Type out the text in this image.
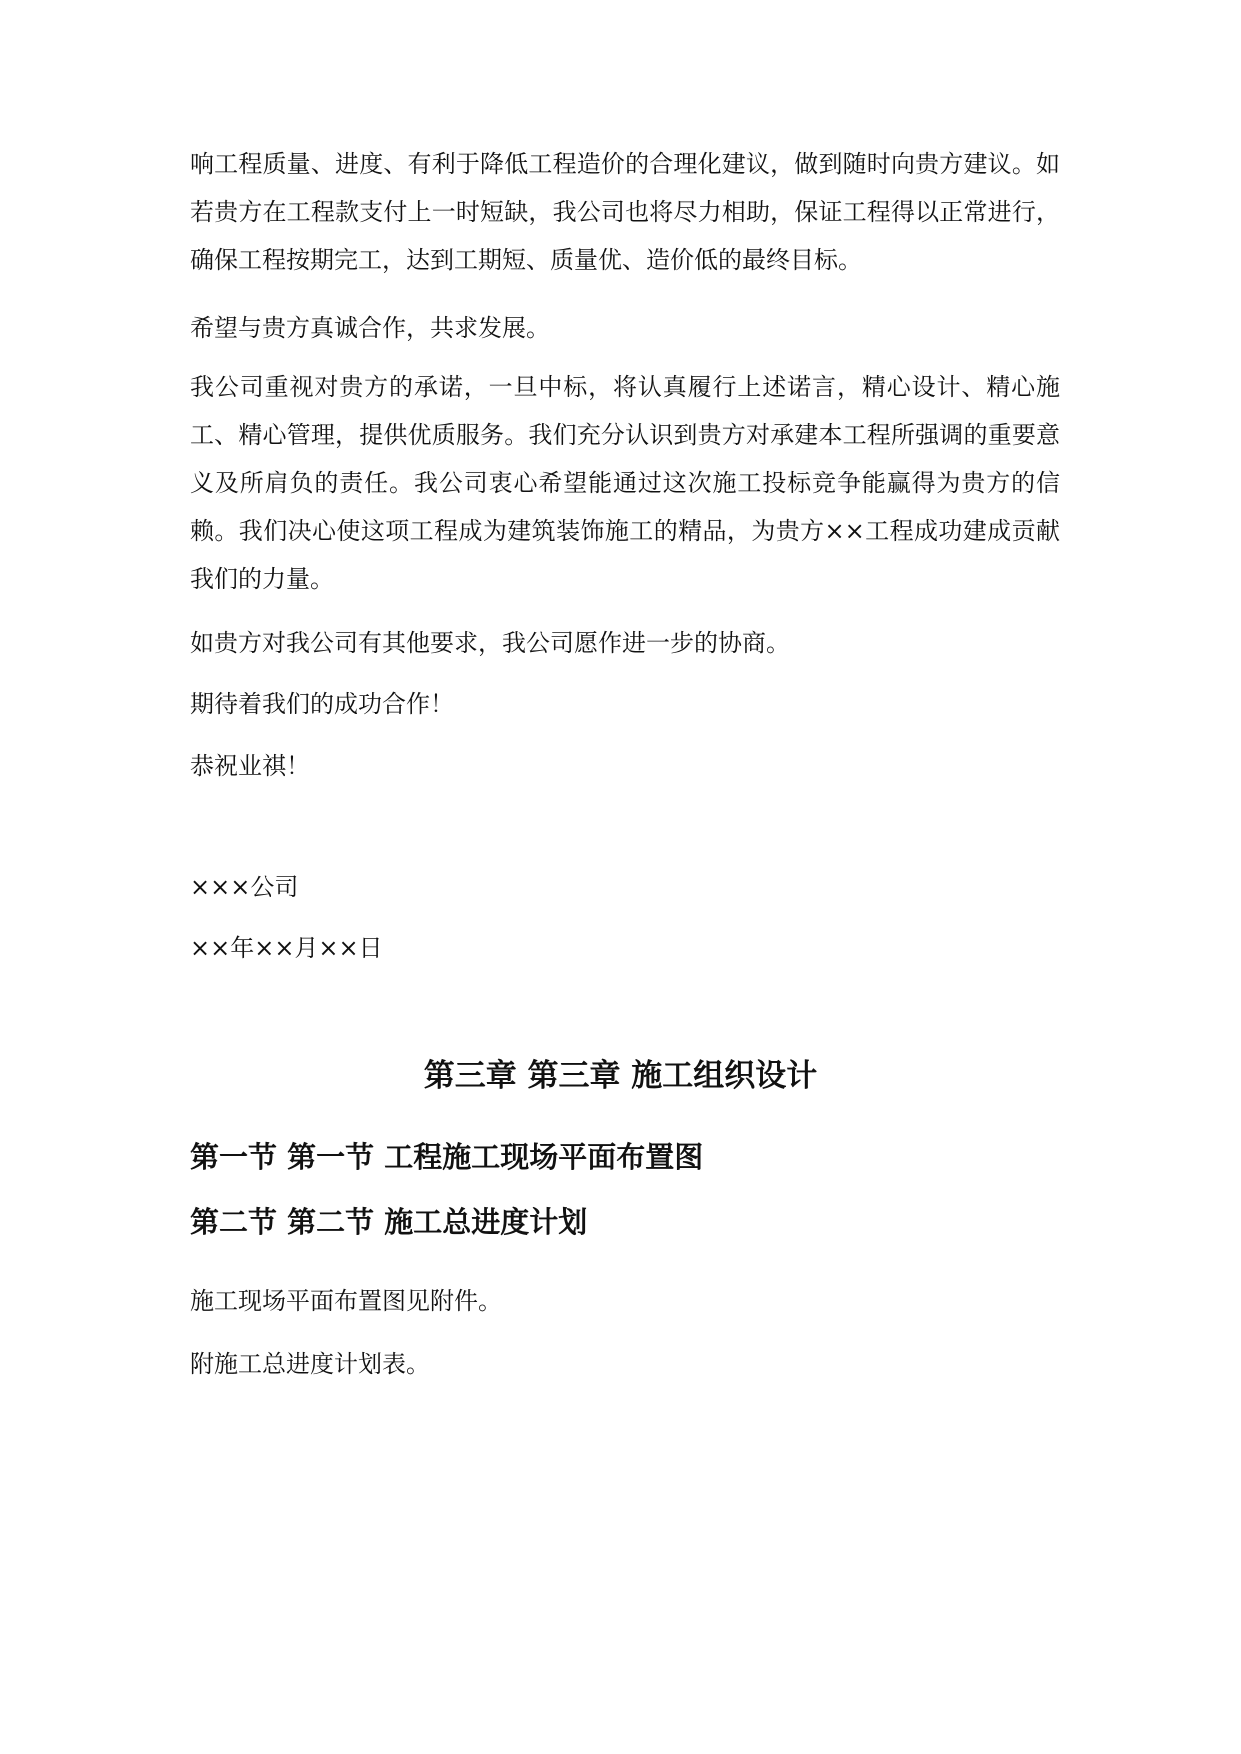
响工程质量、进度、有利于降低工程造价的合理化建议，做到随时向贵方建议。如若贵方在工程款支付上一时短缺，我公司也将尽力相助，保证工程得以正常进行，确保工程按期完工，达到工期短、质量优、造价低的最终目标。

希望与贵方真诚合作，共求发展。

我公司重视对贵方的承诺，一旦中标，将认真履行上述诺言，精心设计、精心施工、精心管理，提供优质服务。我们充分认识到贵方对承建本工程所强调的重要意义及所肩负的责任。我公司衷心希望能通过这次施工投标竞争能赢得为贵方的信赖。我们决心使这项工程成为建筑装饰施工的精品，为贵方××工程成功建成贡献我们的力量。

如贵方对我公司有其他要求，我公司愿作进一步的协商。

期待着我们的成功合作！

恭祝业祺！

×××公司

××年××月××日

第三章 第三章 施工组织设计
第一节 第一节 工程施工现场平面布置图
第二节 第二节 施工总进度计划

施工现场平面布置图见附件。

附施工总进度计划表。
